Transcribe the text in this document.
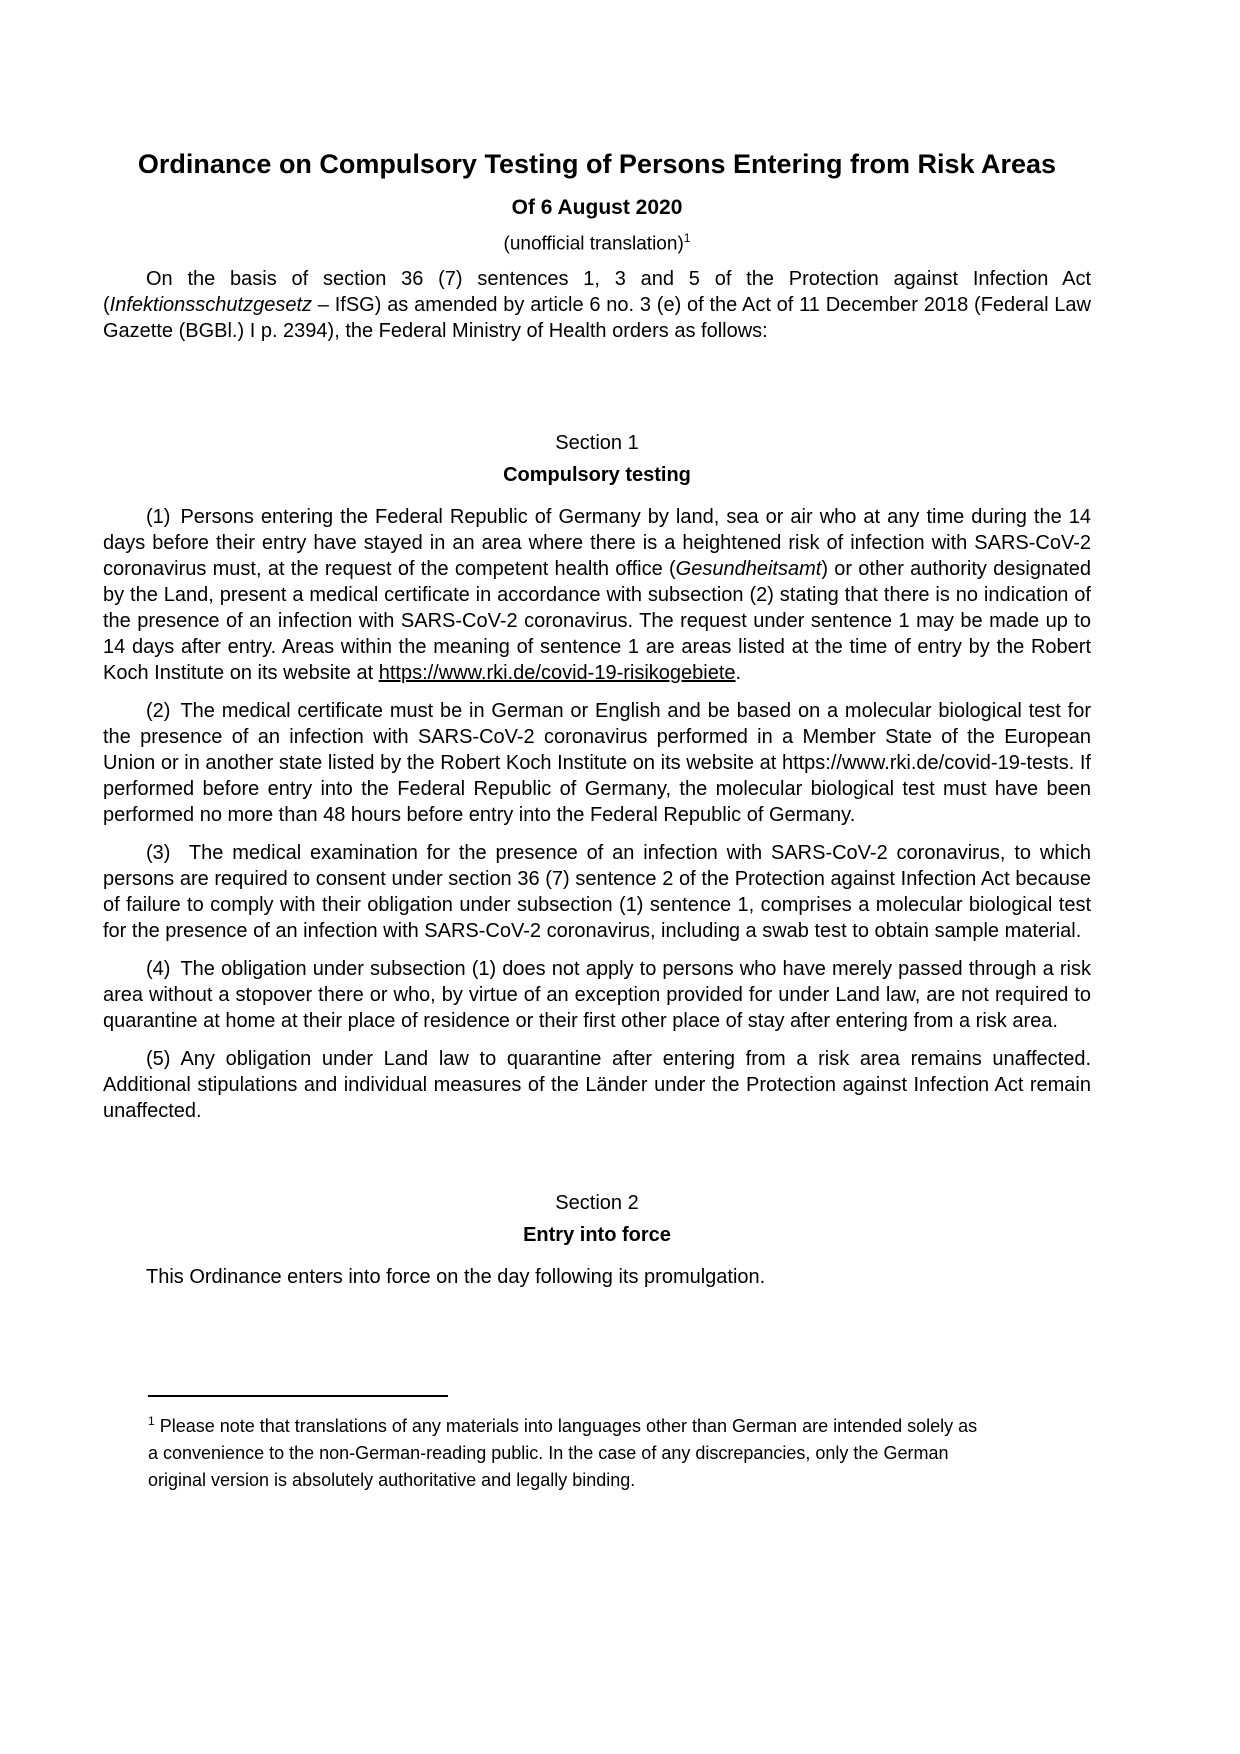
Ordinance on Compulsory Testing of Persons Entering from Risk Areas
Of 6 August 2020
(unofficial translation)$^1$

On the basis of section 36 (7) sentences 1, 3 and 5 of the Protection against Infection Act (Infektionsschutzgesetz – IfSG) as amended by article 6 no. 3 (e) of the Act of 11 December 2018 (Federal Law Gazette (BGBl.) I p. 2394), the Federal Ministry of Health orders as follows:

Section 1
Compulsory testing

(1) Persons entering the Federal Republic of Germany by land, sea or air who at any time during the 14 days before their entry have stayed in an area where there is a heightened risk of infection with SARS-CoV-2 coronavirus must, at the request of the competent health office (Gesundheitsamt) or other authority designated by the Land, present a medical certificate in accordance with subsection (2) stating that there is no indication of the presence of an infection with SARS-CoV-2 coronavirus. The request under sentence 1 may be made up to 14 days after entry. Areas within the meaning of sentence 1 are areas listed at the time of entry by the Robert Koch Institute on its website at https://www.rki.de/covid-19-risikogebiete.

(2) The medical certificate must be in German or English and be based on a molecular biological test for the presence of an infection with SARS-CoV-2 coronavirus performed in a Member State of the European Union or in another state listed by the Robert Koch Institute on its website at https://www.rki.de/covid-19-tests. If performed before entry into the Federal Republic of Germany, the molecular biological test must have been performed no more than 48 hours before entry into the Federal Republic of Germany.

(3)  The medical examination for the presence of an infection with SARS-CoV-2 coronavirus, to which persons are required to consent under section 36 (7) sentence 2 of the Protection against Infection Act because of failure to comply with their obligation under subsection (1) sentence 1, comprises a molecular biological test for the presence of an infection with SARS-CoV-2 coronavirus, including a swab test to obtain sample material.

(4) The obligation under subsection (1) does not apply to persons who have merely passed through a risk area without a stopover there or who, by virtue of an exception provided for under Land law, are not required to quarantine at home at their place of residence or their first other place of stay after entering from a risk area.

(5) Any obligation under Land law to quarantine after entering from a risk area remains unaffected. Additional stipulations and individual measures of the Länder under the Protection against Infection Act remain unaffected.

Section 2
Entry into force

This Ordinance enters into force on the day following its promulgation.

$^1$ Please note that translations of any materials into languages other than German are intended solely as a convenience to the non-German-reading public. In the case of any discrepancies, only the German original version is absolutely authoritative and legally binding.
